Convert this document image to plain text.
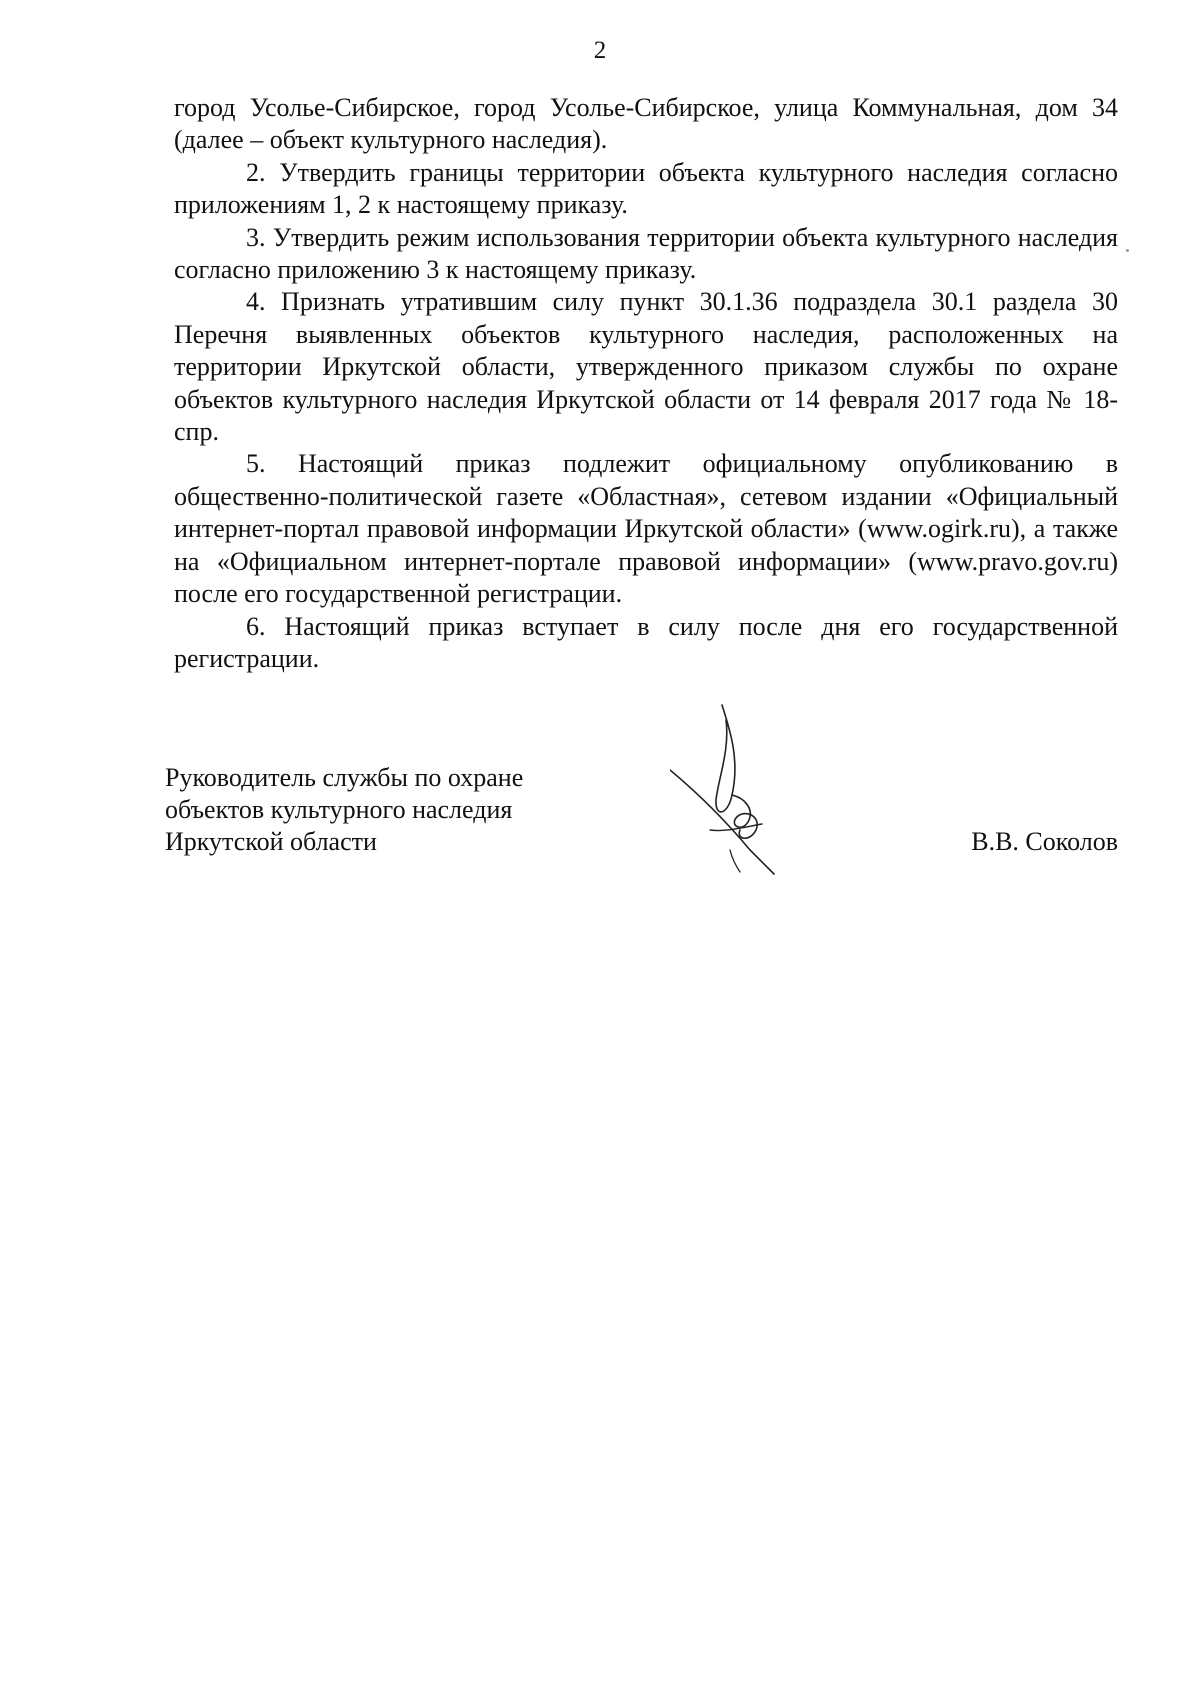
2

город Усолье-Сибирское, город Усолье-Сибирское, улица Коммунальная, дом 34 (далее – объект культурного наследия).

2. Утвердить границы территории объекта культурного наследия согласно приложениям 1, 2 к настоящему приказу.

3. Утвердить режим использования территории объекта культурного наследия согласно приложению 3 к настоящему приказу.

4. Признать утратившим силу пункт 30.1.36 подраздела 30.1 раздела 30 Перечня выявленных объектов культурного наследия, расположенных на территории Иркутской области, утвержденного приказом службы по охране объектов культурного наследия Иркутской области от 14 февраля 2017 года № 18-спр.

5. Настоящий приказ подлежит официальному опубликованию в общественно-политической газете «Областная», сетевом издании «Официальный интернет-портал правовой информации Иркутской области» (www.ogirk.ru), а также на «Официальном интернет-портале правовой информации» (www.pravo.gov.ru) после его государственной регистрации.

6. Настоящий приказ вступает в силу после дня его государственной регистрации.

Руководитель службы по охране
объектов культурного наследия
Иркутской области	В.В. Соколов
